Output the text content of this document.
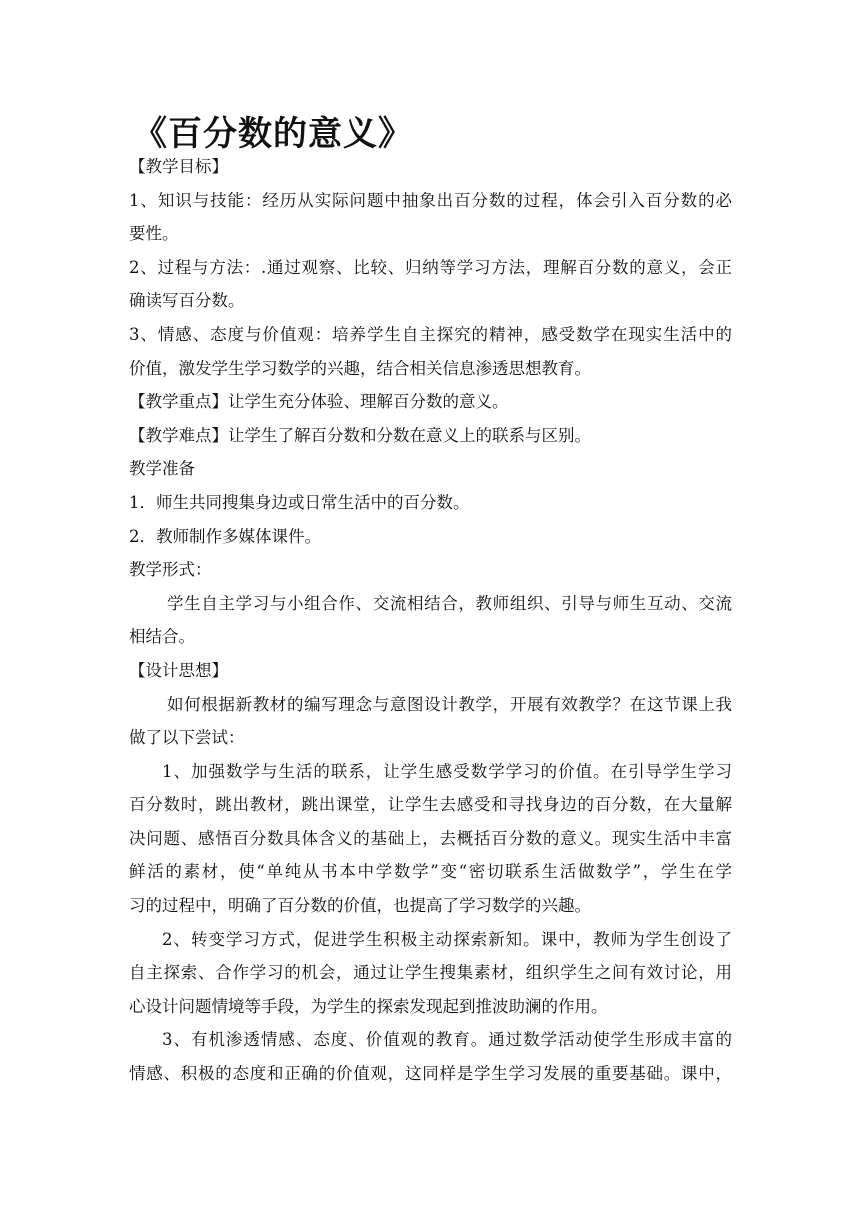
《百分数的意义》
【教学目标】
1、知识与技能：经历从实际问题中抽象出百分数的过程，体会引入百分数的必
要性。
2、过程与方法：.通过观察、比较、归纳等学习方法，理解百分数的意义，会正
确读写百分数。
3、情感、态度与价值观：培养学生自主探究的精神，感受数学在现实生活中的
价值，激发学生学习数学的兴趣，结合相关信息渗透思想教育。
【教学重点】让学生充分体验、理解百分数的意义。
【教学难点】让学生了解百分数和分数在意义上的联系与区别。
教学准备
1．师生共同搜集身边或日常生活中的百分数。
2．教师制作多媒体课件。
教学形式：
学生自主学习与小组合作、交流相结合，教师组织、引导与师生互动、交流
相结合。
【设计思想】
如何根据新教材的编写理念与意图设计教学，开展有效教学？在这节课上我
做了以下尝试：
1、加强数学与生活的联系，让学生感受数学学习的价值。在引导学生学习
百分数时，跳出教材，跳出课堂，让学生去感受和寻找身边的百分数，在大量解
决问题、感悟百分数具体含义的基础上，去概括百分数的意义。现实生活中丰富
鲜活的素材，使“单纯从书本中学数学”变“密切联系生活做数学”，学生在学
习的过程中，明确了百分数的价值，也提高了学习数学的兴趣。
2、转变学习方式，促进学生积极主动探索新知。课中，教师为学生创设了
自主探索、合作学习的机会，通过让学生搜集素材，组织学生之间有效讨论，用
心设计问题情境等手段，为学生的探索发现起到推波助澜的作用。
3、有机渗透情感、态度、价值观的教育。通过数学活动使学生形成丰富的
情感、积极的态度和正确的价值观，这同样是学生学习发展的重要基础。课中，
